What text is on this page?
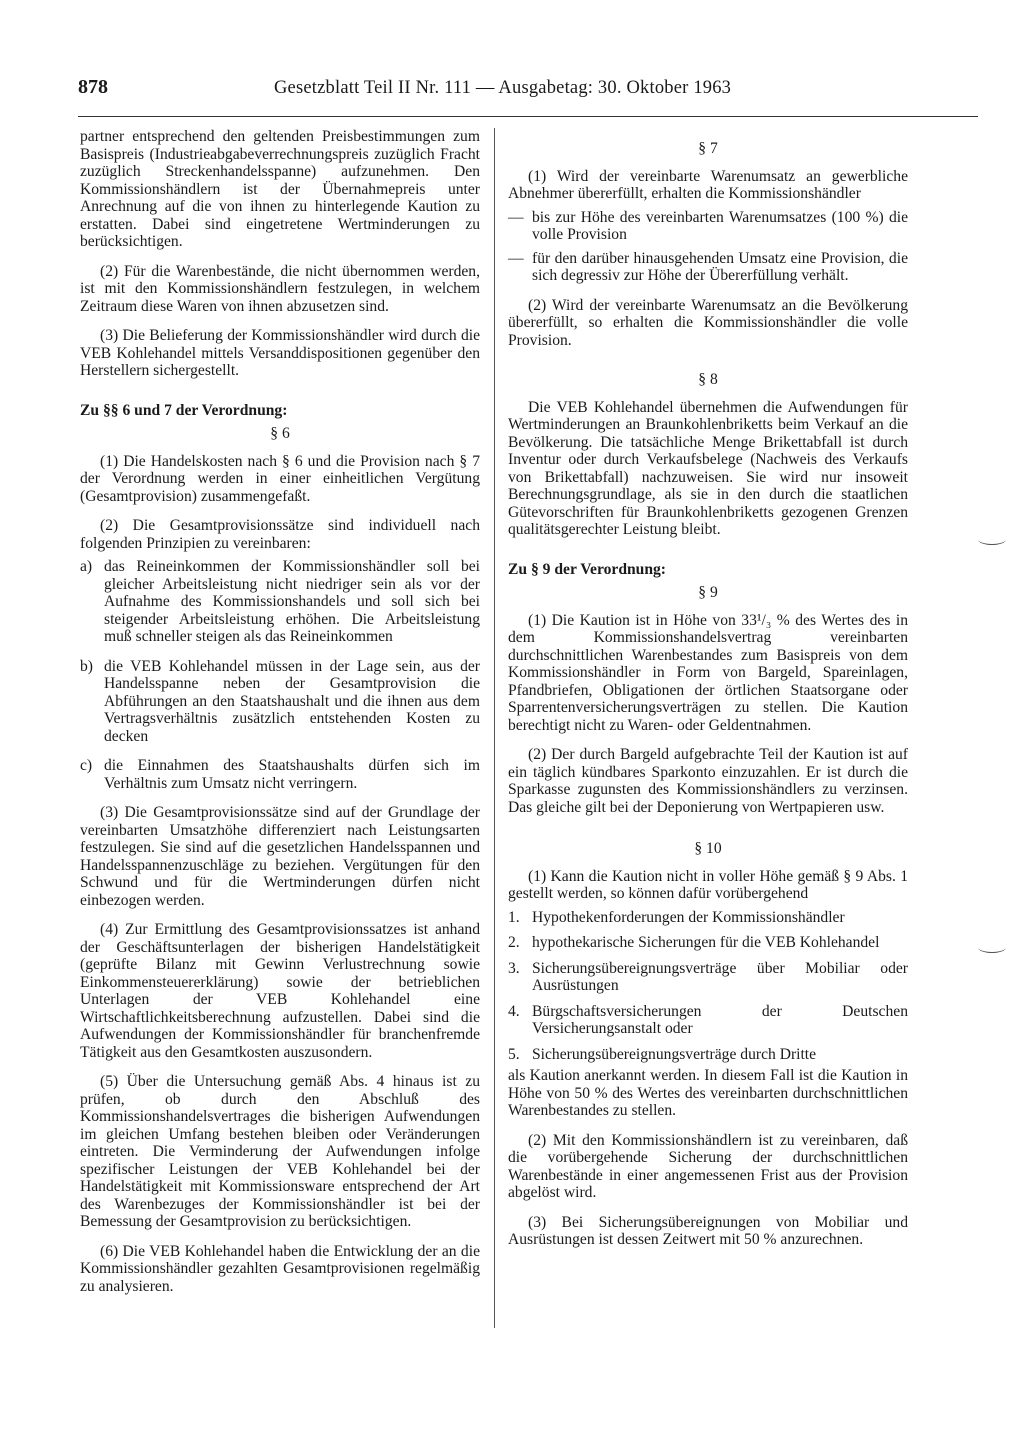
878	Gesetzblatt Teil II Nr. 111 — Ausgabetag: 30. Oktober 1963

partner entsprechend den geltenden Preisbestimmungen zum Basispreis (Industrieabgabeverrechnungspreis zuzüglich Fracht zuzüglich Streckenhandelsspanne) aufzunehmen. Den Kommissionshändlern ist der Übernahmepreis unter Anrechnung auf die von ihnen zu hinterlegende Kaution zu erstatten. Dabei sind eingetretene Wertminderungen zu berücksichtigen.

(2) Für die Warenbestände, die nicht übernommen werden, ist mit den Kommissionshändlern festzulegen, in welchem Zeitraum diese Waren von ihnen abzusetzen sind.

(3) Die Belieferung der Kommissionshändler wird durch die VEB Kohlehandel mittels Versanddispositionen gegenüber den Herstellern sichergestellt.

Zu §§ 6 und 7 der Verordnung:
§ 6

(1) Die Handelskosten nach § 6 und die Provision nach § 7 der Verordnung werden in einer einheitlichen Vergütung (Gesamtprovision) zusammengefaßt.

(2) Die Gesamtprovisionssätze sind individuell nach folgenden Prinzipien zu vereinbaren:

a) das Reineinkommen der Kommissionshändler soll bei gleicher Arbeitsleistung nicht niedriger sein als vor der Aufnahme des Kommissionshandels und soll sich bei steigender Arbeitsleistung erhöhen. Die Arbeitsleistung muß schneller steigen als das Reineinkommen
b) die VEB Kohlehandel müssen in der Lage sein, aus der Handelsspanne neben der Gesamtprovision die Abführungen an den Staatshaushalt und die ihnen aus dem Vertragsverhältnis zusätzlich entstehenden Kosten zu decken
c) die Einnahmen des Staatshaushalts dürfen sich im Verhältnis zum Umsatz nicht verringern.

(3) Die Gesamtprovisionssätze sind auf der Grundlage der vereinbarten Umsatzhöhe differenziert nach Leistungsarten festzulegen. Sie sind auf die gesetzlichen Handelsspannen und Handelsspannenzuschläge zu beziehen. Vergütungen für den Schwund und für die Wertminderungen dürfen nicht einbezogen werden.

(4) Zur Ermittlung des Gesamtprovisionssatzes ist anhand der Geschäftsunterlagen der bisherigen Handelstätigkeit (geprüfte Bilanz mit Gewinn Verlustrechnung sowie Einkommensteuererklärung) sowie der betrieblichen Unterlagen der VEB Kohlehandel eine Wirtschaftlichkeitsberechnung aufzustellen. Dabei sind die Aufwendungen der Kommissionshändler für branchenfremde Tätigkeit aus den Gesamtkosten auszusondern.

(5) Über die Untersuchung gemäß Abs. 4 hinaus ist zu prüfen, ob durch den Abschluß des Kommissionshandelsvertrages die bisherigen Aufwendungen im gleichen Umfang bestehen bleiben oder Veränderungen eintreten. Die Verminderung der Aufwendungen infolge spezifischer Leistungen der VEB Kohlehandel bei der Handelstätigkeit mit Kommissionsware entsprechend der Art des Warenbezuges der Kommissionshändler ist bei der Bemessung der Gesamtprovision zu berücksichtigen.

(6) Die VEB Kohlehandel haben die Entwicklung der an die Kommissionshändler gezahlten Gesamtprovisionen regelmäßig zu analysieren.

§ 7

(1) Wird der vereinbarte Warenumsatz an gewerbliche Abnehmer übererfüllt, erhalten die Kommissionshändler

— bis zur Höhe des vereinbarten Warenumsatzes (100 %) die volle Provision
— für den darüber hinausgehenden Umsatz eine Provision, die sich degressiv zur Höhe der Übererfüllung verhält.

(2) Wird der vereinbarte Warenumsatz an die Bevölkerung übererfüllt, so erhalten die Kommissionshändler die volle Provision.

§ 8

Die VEB Kohlehandel übernehmen die Aufwendungen für Wertminderungen an Braunkohlenbriketts beim Verkauf an die Bevölkerung. Die tatsächliche Menge Brikettabfall ist durch Inventur oder durch Verkaufsbelege (Nachweis des Verkaufs von Brikettabfall) nachzuweisen. Sie wird nur insoweit Berechnungsgrundlage, als sie in den durch die staatlichen Gütevorschriften für Braunkohlenbriketts gezogenen Grenzen qualitätsgerechter Leistung bleibt.

Zu § 9 der Verordnung:
§ 9

(1) Die Kaution ist in Höhe von 33¹/₃ % des Wertes des in dem Kommissionshandelsvertrag vereinbarten durchschnittlichen Warenbestandes zum Basispreis von dem Kommissionshändler in Form von Bargeld, Spareinlagen, Pfandbriefen, Obligationen der örtlichen Staatsorgane oder Sparrentenversicherungsverträgen zu stellen. Die Kaution berechtigt nicht zu Waren- oder Geldentnahmen.

(2) Der durch Bargeld aufgebrachte Teil der Kaution ist auf ein täglich kündbares Sparkonto einzuzahlen. Er ist durch die Sparkasse zugunsten des Kommissionshändlers zu verzinsen. Das gleiche gilt bei der Deponierung von Wertpapieren usw.

§ 10

(1) Kann die Kaution nicht in voller Höhe gemäß § 9 Abs. 1 gestellt werden, so können dafür vorübergehend

1. Hypothekenforderungen der Kommissionshändler
2. hypothekarische Sicherungen für die VEB Kohlehandel
3. Sicherungsübereignungsverträge über Mobiliar oder Ausrüstungen
4. Bürgschaftsversicherungen der Deutschen Versicherungsanstalt oder
5. Sicherungsübereignungsverträge durch Dritte

als Kaution anerkannt werden. In diesem Fall ist die Kaution in Höhe von 50 % des Wertes des vereinbarten durchschnittlichen Warenbestandes zu stellen.

(2) Mit den Kommissionshändlern ist zu vereinbaren, daß die vorübergehende Sicherung der durchschnittlichen Warenbestände in einer angemessenen Frist aus der Provision abgelöst wird.

(3) Bei Sicherungsübereignungen von Mobiliar und Ausrüstungen ist dessen Zeitwert mit 50 % anzurechnen.
